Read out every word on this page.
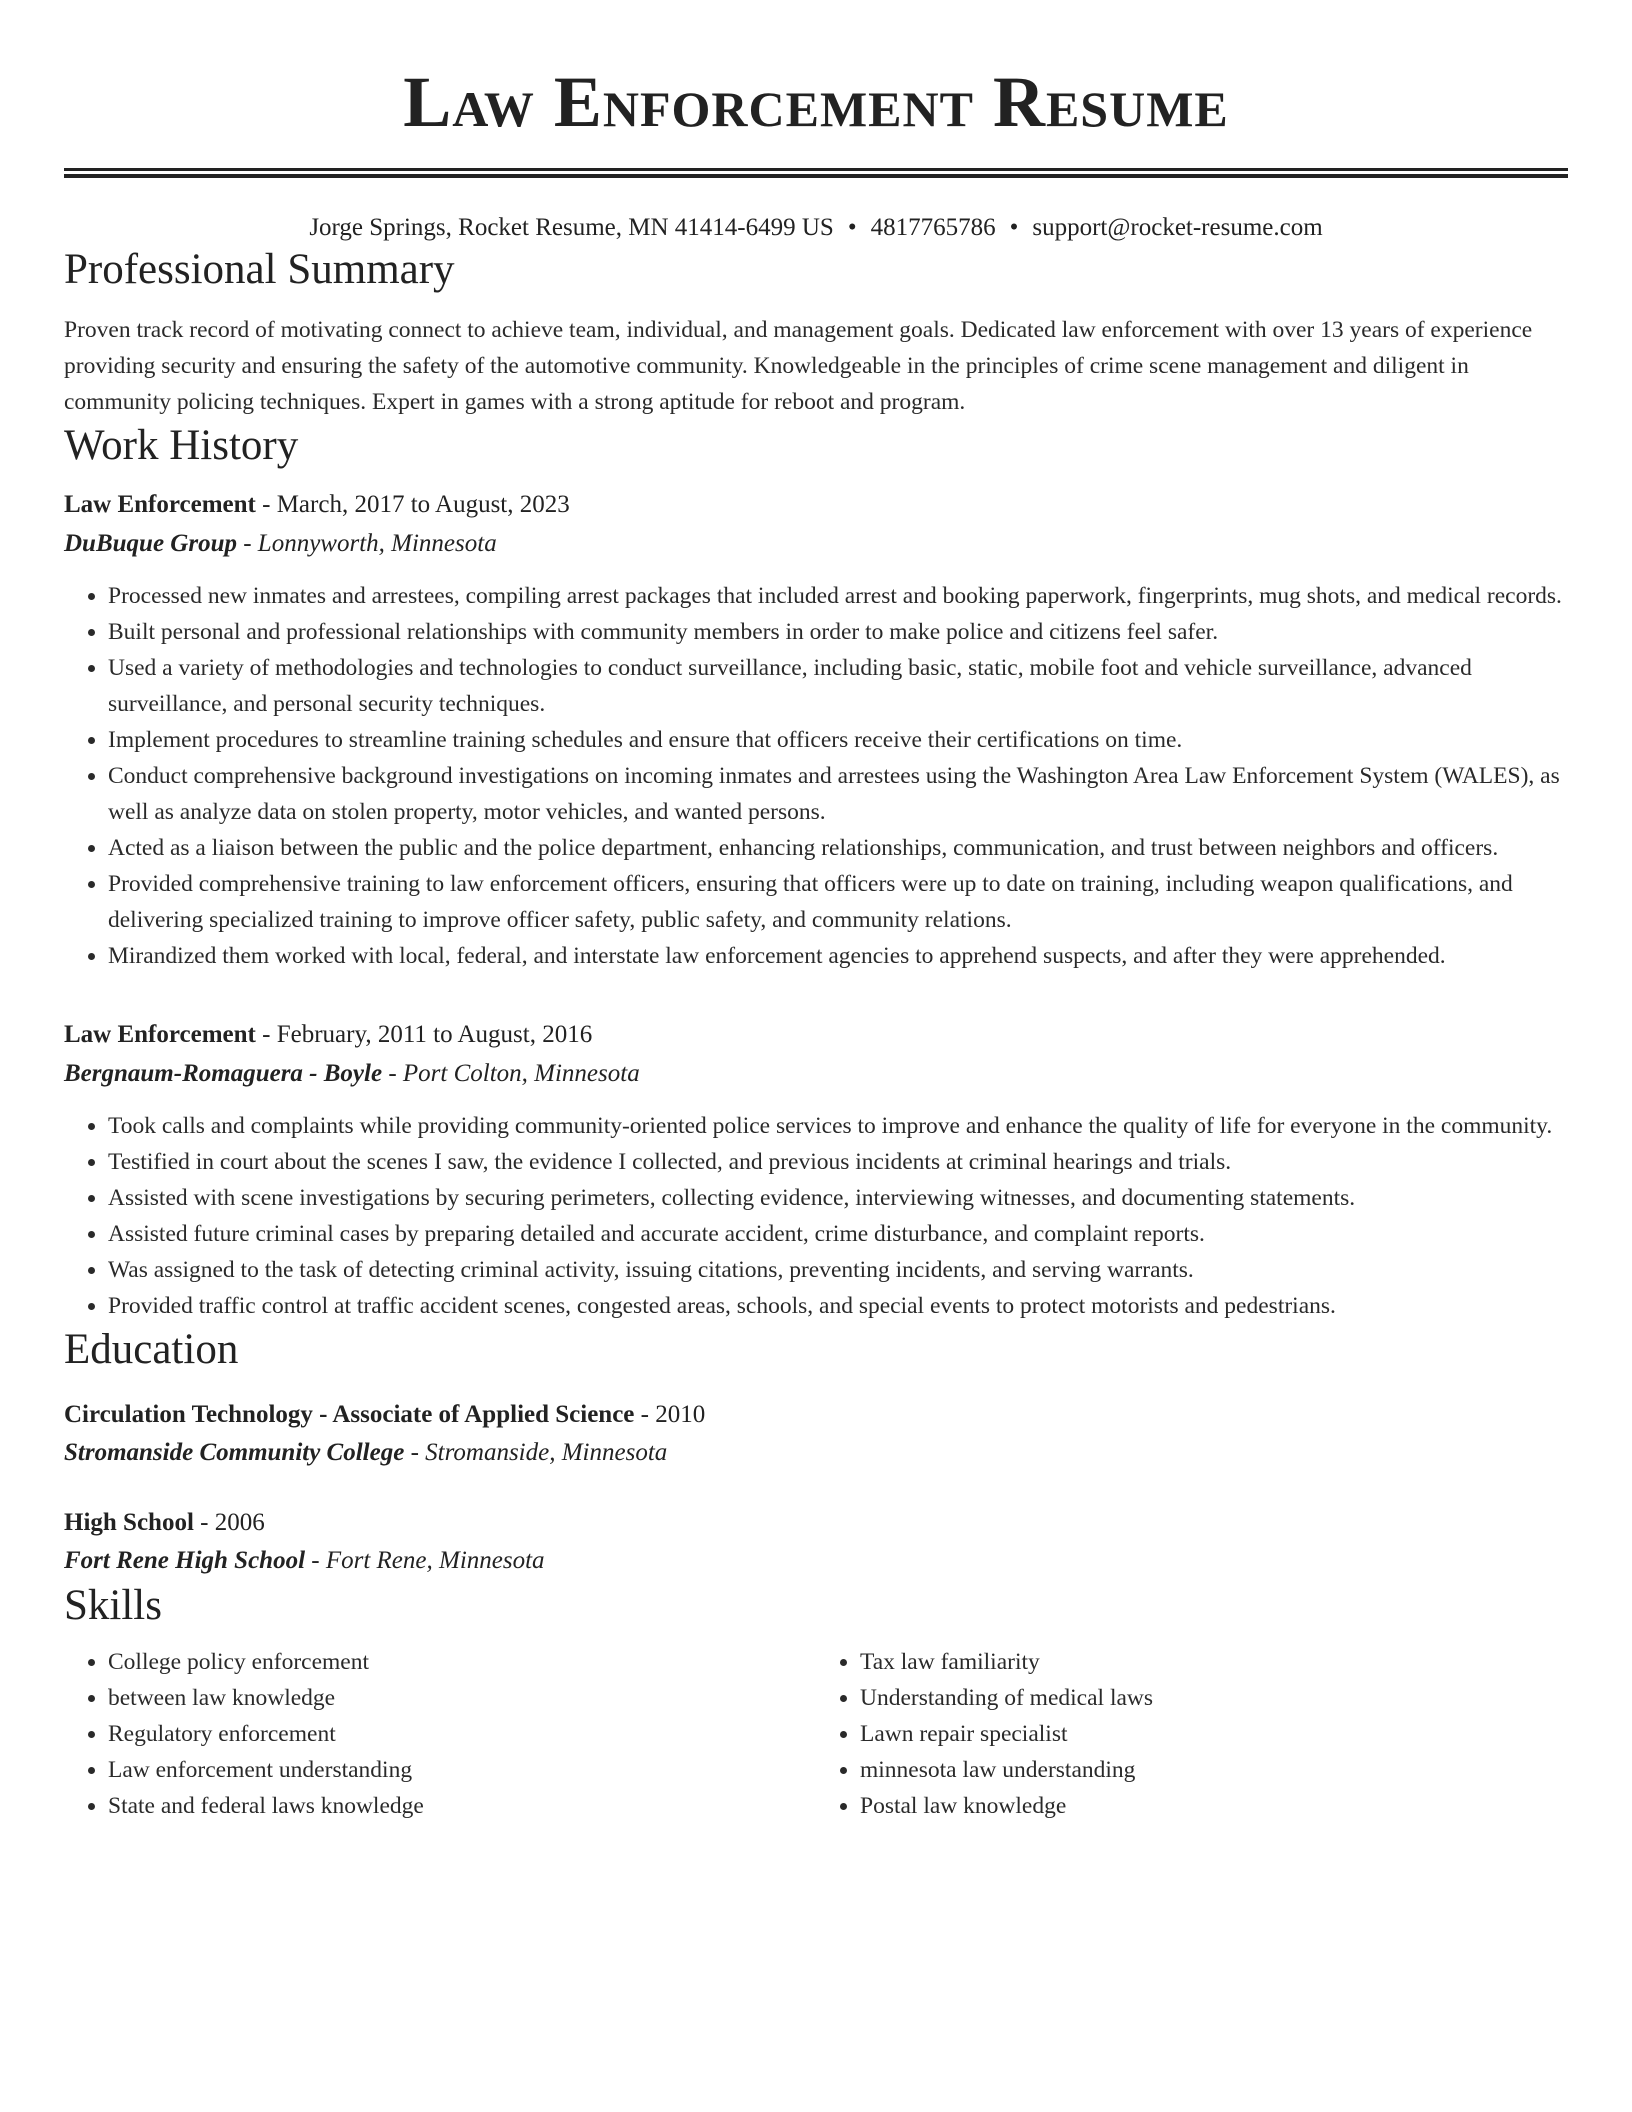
Law Enforcement Resume
Jorge Springs, Rocket Resume, MN 41414-6499 US • 4817765786 • support@rocket-resume.com
Professional Summary

Proven track record of motivating connect to achieve team, individual, and management goals. Dedicated law enforcement with over 13 years of experience providing security and ensuring the safety of the automotive community. Knowledgeable in the principles of crime scene management and diligent in community policing techniques. Expert in games with a strong aptitude for reboot and program.

Work History
Law Enforcement - March, 2017 to August, 2023
DuBuque Group - Lonnyworth, Minnesota
• Processed new inmates and arrestees, compiling arrest packages that included arrest and booking paperwork, fingerprints, mug shots, and medical records.
• Built personal and professional relationships with community members in order to make police and citizens feel safer.
• Used a variety of methodologies and technologies to conduct surveillance, including basic, static, mobile foot and vehicle surveillance, advanced surveillance, and personal security techniques.
• Implement procedures to streamline training schedules and ensure that officers receive their certifications on time.
• Conduct comprehensive background investigations on incoming inmates and arrestees using the Washington Area Law Enforcement System (WALES), as well as analyze data on stolen property, motor vehicles, and wanted persons.
• Acted as a liaison between the public and the police department, enhancing relationships, communication, and trust between neighbors and officers.
• Provided comprehensive training to law enforcement officers, ensuring that officers were up to date on training, including weapon qualifications, and delivering specialized training to improve officer safety, public safety, and community relations.
• Mirandized them worked with local, federal, and interstate law enforcement agencies to apprehend suspects, and after they were apprehended.
Law Enforcement - February, 2011 to August, 2016
Bergnaum-Romaguera - Boyle - Port Colton, Minnesota
• Took calls and complaints while providing community-oriented police services to improve and enhance the quality of life for everyone in the community.
• Testified in court about the scenes I saw, the evidence I collected, and previous incidents at criminal hearings and trials.
• Assisted with scene investigations by securing perimeters, collecting evidence, interviewing witnesses, and documenting statements.
• Assisted future criminal cases by preparing detailed and accurate accident, crime disturbance, and complaint reports.
• Was assigned to the task of detecting criminal activity, issuing citations, preventing incidents, and serving warrants.
• Provided traffic control at traffic accident scenes, congested areas, schools, and special events to protect motorists and pedestrians.
Education
Circulation Technology - Associate of Applied Science - 2010
Stromanside Community College - Stromanside, Minnesota
High School - 2006
Fort Rene High School - Fort Rene, Minnesota
Skills
• College policy enforcement
• between law knowledge
• Regulatory enforcement
• Law enforcement understanding
• State and federal laws knowledge
• Tax law familiarity
• Understanding of medical laws
• Lawn repair specialist
• minnesota law understanding
• Postal law knowledge
